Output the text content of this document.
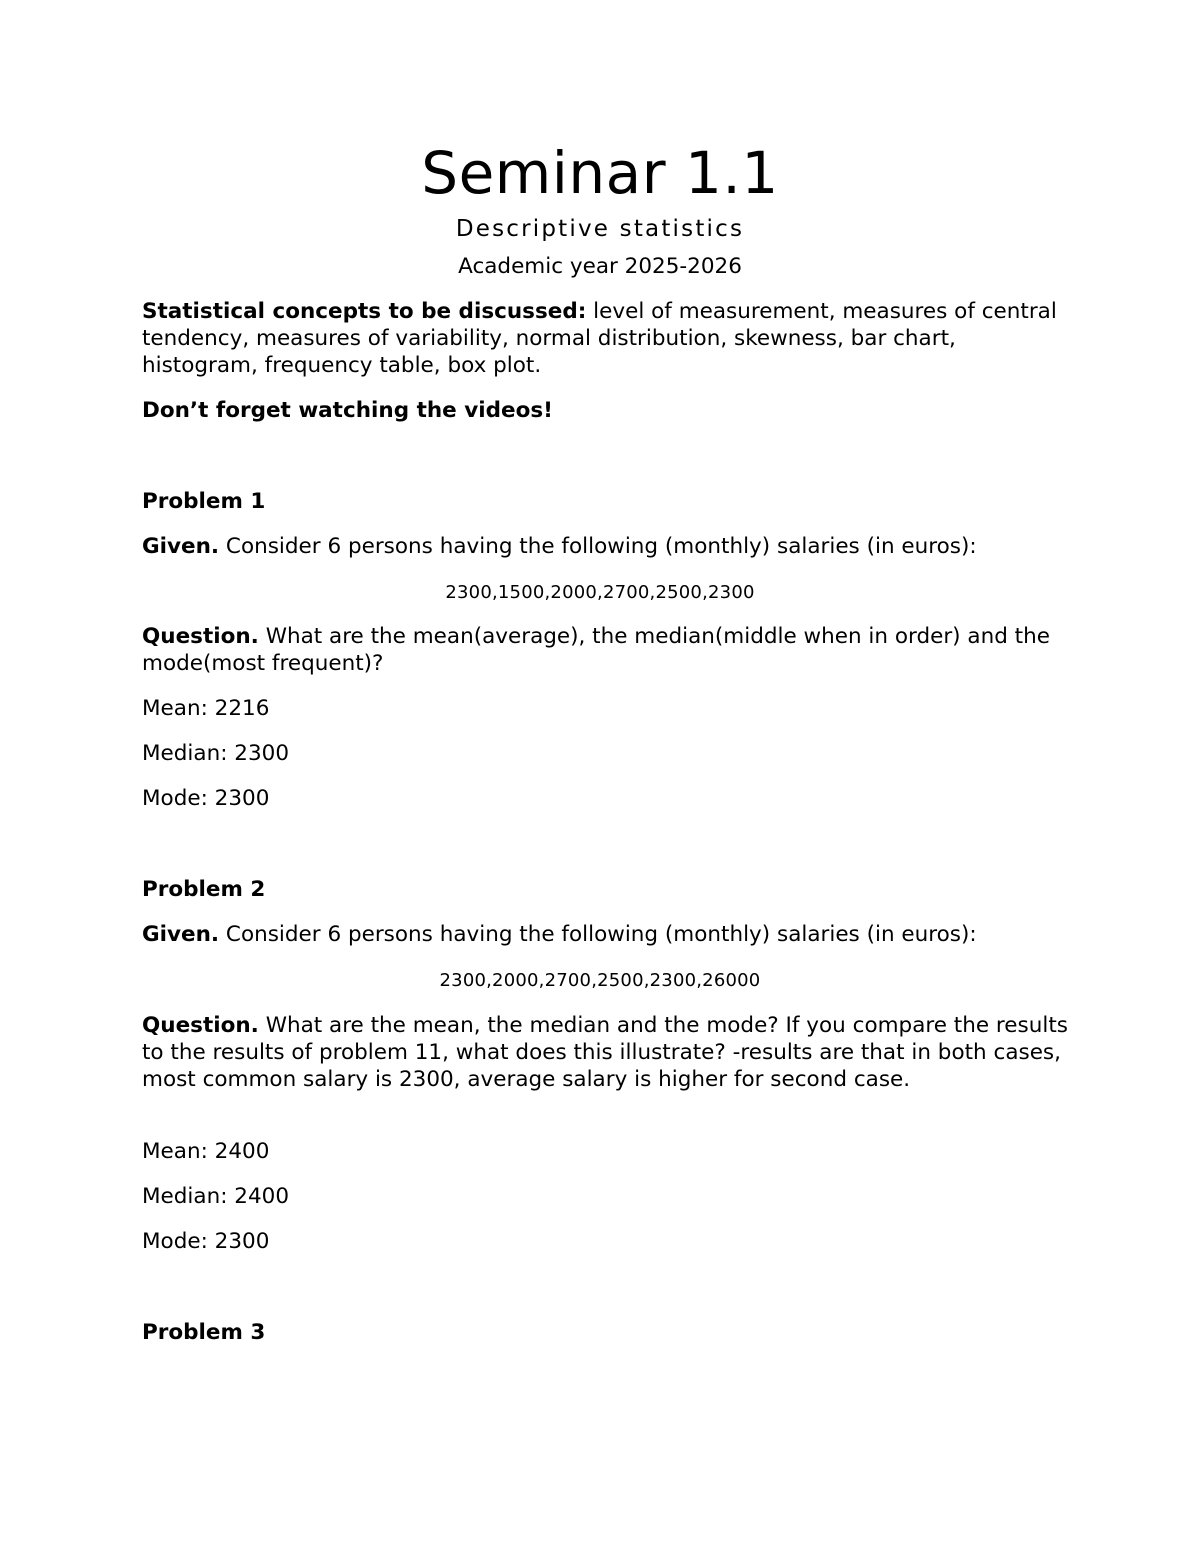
Seminar 1.1
Descriptive statistics
Academic year 2025-2026
Statistical concepts to be discussed: level of measurement, measures of central tendency, measures of variability, normal distribution, skewness, bar chart, histogram, frequency table, box plot.
Don’t forget watching the videos!
Problem 1
Given. Consider 6 persons having the following (monthly) salaries (in euros):
2300,1500,2000,2700,2500,2300
Question. What are the mean(average), the median(middle when in order) and the mode(most frequent)?
Mean: 2216
Median: 2300
Mode: 2300
Problem 2
Given. Consider 6 persons having the following (monthly) salaries (in euros):
2300,2000,2700,2500,2300,26000
Question. What are the mean, the median and the mode? If you compare the results to the results of problem 11, what does this illustrate? -results are that in both cases, most common salary is 2300, average salary is higher for second case.
Mean: 2400
Median: 2400
Mode: 2300
Problem 3
